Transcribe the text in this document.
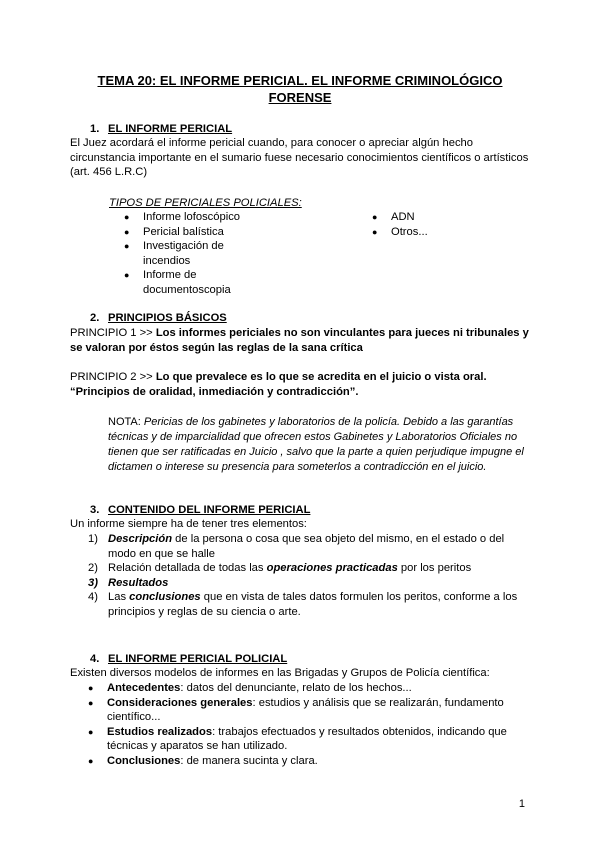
TEMA 20: EL INFORME PERICIAL. EL INFORME CRIMINOLÓGICO FORENSE
1. EL INFORME PERICIAL
El Juez acordará el informe pericial cuando, para conocer o apreciar algún hecho circunstancia importante en el sumario fuese necesario conocimientos científicos o artísticos (art. 456 L.R.C)
TIPOS DE PERICIALES POLICIALES:
● Informe lofoscópico
● Pericial balística
● Investigación de incendios
● Informe de documentoscopia
● ADN
● Otros...
2. PRINCIPIOS BÁSICOS
PRINCIPIO 1 >> Los informes periciales no son vinculantes para jueces ni tribunales y se valoran por éstos según las reglas de la sana crítica
PRINCIPIO 2 >> Lo que prevalece es lo que se acredita en el juicio o vista oral. “Principios de oralidad, inmediación y contradicción”.
NOTA: Pericias de los gabinetes y laboratorios de la policía. Debido a las garantías técnicas y de imparcialidad que ofrecen estos Gabinetes y Laboratorios Oficiales no tienen que ser ratificadas en Juicio , salvo que la parte a quien perjudique impugne el dictamen o interese su presencia para someterlos a contradicción en el juicio.
3. CONTENIDO DEL INFORME PERICIAL
Un informe siempre ha de tener tres elementos:
1) Descripción de la persona o cosa que sea objeto del mismo, en el estado o del modo en que se halle
2) Relación detallada de todas las operaciones practicadas por los peritos
3) Resultados
4) Las conclusiones que en vista de tales datos formulen los peritos, conforme a los principios y reglas de su ciencia o arte.
4. EL INFORME PERICIAL POLICIAL
Existen diversos modelos de informes en las Brigadas y Grupos de Policía científica:
● Antecedentes: datos del denunciante, relato de los hechos...
● Consideraciones generales: estudios y análisis que se realizarán, fundamento científico...
● Estudios realizados: trabajos efectuados y resultados obtenidos, indicando que técnicas y aparatos se han utilizado.
● Conclusiones: de manera sucinta y clara.
1
